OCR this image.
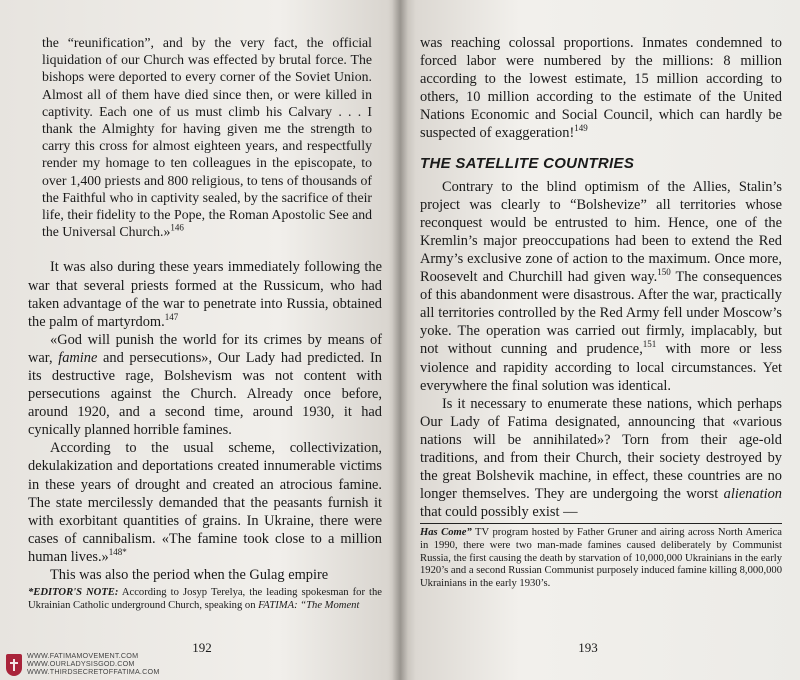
the “reunification”, and by the very fact, the official liquidation of our Church was effected by brutal force. The bishops were deported to every corner of the Soviet Union. Almost all of them have died since then, or were killed in captivity. Each one of us must climb his Calvary . . . I thank the Almighty for having given me the strength to carry this cross for almost eighteen years, and respectfully render my homage to ten colleagues in the episcopate, to over 1,400 priests and 800 religious, to tens of thousands of the Faithful who in captivity sealed, by the sacrifice of their life, their fidelity to the Pope, the Roman Apostolic See and the Universal Church.»$^{146}$

It was also during these years immediately following the war that several priests formed at the Russicum, who had taken advantage of the war to penetrate into Russia, obtained the palm of martyrdom.$^{147}$

«God will punish the world for its crimes by means of war, famine and persecutions», Our Lady had predicted. In its destructive rage, Bolshevism was not content with persecutions against the Church. Already once before, around 1920, and a second time, around 1930, it had cynically planned horrible famines.

According to the usual scheme, collectivization, dekulakization and deportations created innumerable victims in these years of drought and created an atrocious famine. The state mercilessly demanded that the peasants furnish it with exorbitant quantities of grains. In Ukraine, there were cases of cannibalism. «The famine took close to a million human lives.»$^{148*}$

This was also the period when the Gulag empire

*EDITOR'S NOTE: According to Josyp Terelya, the leading spokesman for the Ukrainian Catholic underground Church, speaking on FATIMA: “The Moment

192
WWW.FATIMAMOVEMENT.COM
WWW.OURLADYSISGOD.COM
WWW.THIRDSECRETOFFATIMA.COM

was reaching colossal proportions. Inmates condemned to forced labor were numbered by the millions: 8 million according to the lowest estimate, 15 million according to others, 10 million according to the estimate of the United Nations Economic and Social Council, which can hardly be suspected of exaggeration!$^{149}$

THE SATELLITE COUNTRIES

Contrary to the blind optimism of the Allies, Stalin’s project was clearly to “Bolshevize” all territories whose reconquest would be entrusted to him. Hence, one of the Kremlin’s major preoccupations had been to extend the Red Army’s exclusive zone of action to the maximum. Once more, Roosevelt and Churchill had given way.$^{150}$ The consequences of this abandonment were disastrous. After the war, practically all territories controlled by the Red Army fell under Moscow’s yoke. The operation was carried out firmly, implacably, but not without cunning and prudence,$^{151}$ with more or less violence and rapidity according to local circumstances. Yet everywhere the final solution was identical.

Is it necessary to enumerate these nations, which perhaps Our Lady of Fatima designated, announcing that «various nations will be annihilated»? Torn from their age-old traditions, and from their Church, their society destroyed by the great Bolshevik machine, in effect, these countries are no longer themselves. They are undergoing the worst alienation that could possibly exist —

Has Come” TV program hosted by Father Gruner and airing across North America in 1990, there were two man-made famines caused deliberately by Communist Russia, the first causing the death by starvation of 10,000,000 Ukrainians in the early 1920’s and a second Russian Communist purposely induced famine killing 8,000,000 Ukrainians in the early 1930’s.

193
